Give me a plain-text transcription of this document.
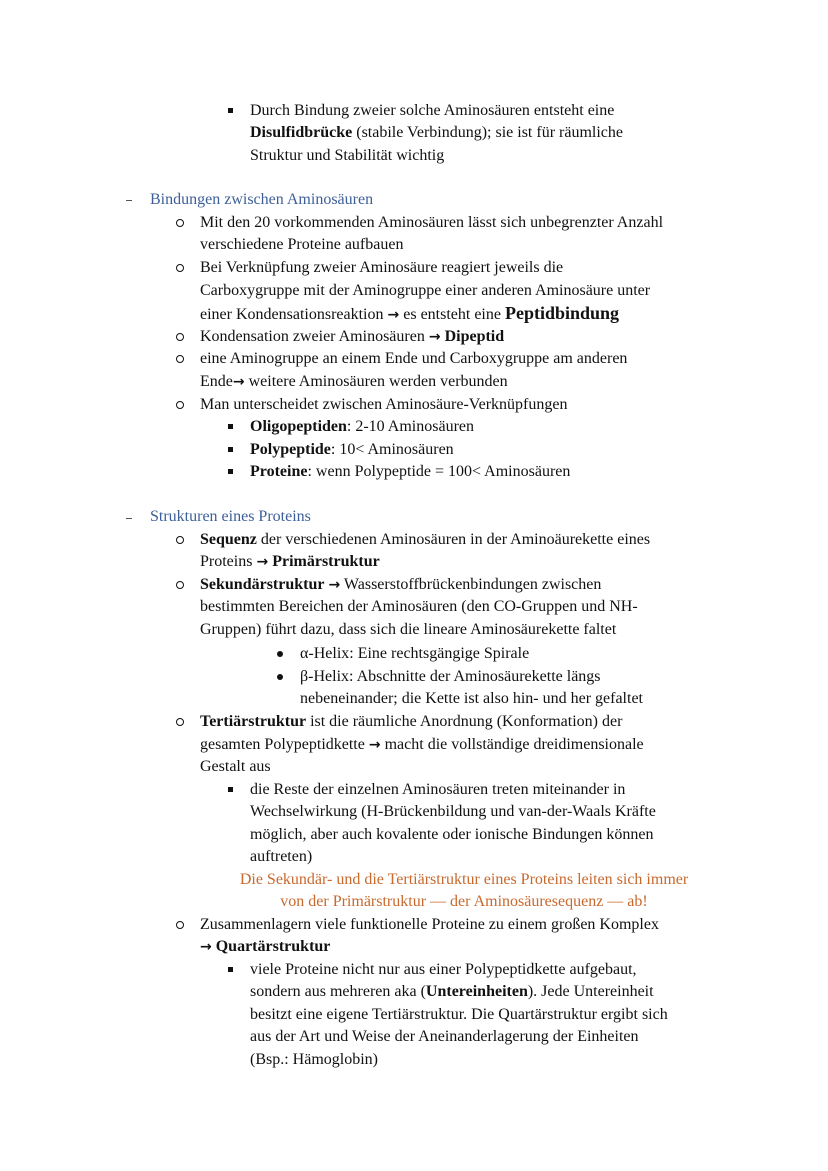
Durch Bindung zweier solche Aminosäuren entsteht eine
Disulfidbrücke (stabile Verbindung); sie ist für räumliche
Struktur und Stabilität wichtig
Bindungen zwischen Aminosäuren
Mit den 20 vorkommenden Aminosäuren lässt sich unbegrenzter Anzahl
verschiedene Proteine aufbauen
Bei Verknüpfung zweier Aminosäure reagiert jeweils die
Carboxygruppe mit der Aminogruppe einer anderen Aminosäure unter
einer Kondensationsreaktion → es entsteht eine Peptidbindung
Kondensation zweier Aminosäuren → Dipeptid
eine Aminogruppe an einem Ende und Carboxygruppe am anderen
Ende→ weitere Aminosäuren werden verbunden
Man unterscheidet zwischen Aminosäure-Verknüpfungen
Oligopeptiden: 2-10 Aminosäuren
Polypeptide: 10< Aminosäuren
Proteine: wenn Polypeptide = 100< Aminosäuren
Strukturen eines Proteins
Sequenz der verschiedenen Aminosäuren in der Aminoäurekette eines
Proteins → Primärstruktur
Sekundärstruktur → Wasserstoffbrückenbindungen zwischen
bestimmten Bereichen der Aminosäuren (den CO-Gruppen und NH-
Gruppen) führt dazu, dass sich die lineare Aminosäurekette faltet
α-Helix: Eine rechtsgängige Spirale
β-Helix: Abschnitte der Aminosäurekette längs
nebeneinander; die Kette ist also hin- und her gefaltet
Tertiärstruktur ist die räumliche Anordnung (Konformation) der
gesamten Polypeptidkette → macht die vollständige dreidimensionale
Gestalt aus
die Reste der einzelnen Aminosäuren treten miteinander in
Wechselwirkung (H-Brückenbildung und van-der-Waals Kräfte
möglich, aber auch kovalente oder ionische Bindungen können
auftreten)
Die Sekundär- und die Tertiärstruktur eines Proteins leiten sich immer
von der Primärstruktur — der Aminosäuresequenz — ab!
Zusammenlagern viele funktionelle Proteine zu einem großen Komplex
→ Quartärstruktur
viele Proteine nicht nur aus einer Polypeptidkette aufgebaut,
sondern aus mehreren aka (Untereinheiten). Jede Untereinheit
besitzt eine eigene Tertiärstruktur. Die Quartärstruktur ergibt sich
aus der Art und Weise der Aneinanderlagerung der Einheiten
(Bsp.: Hämoglobin)
